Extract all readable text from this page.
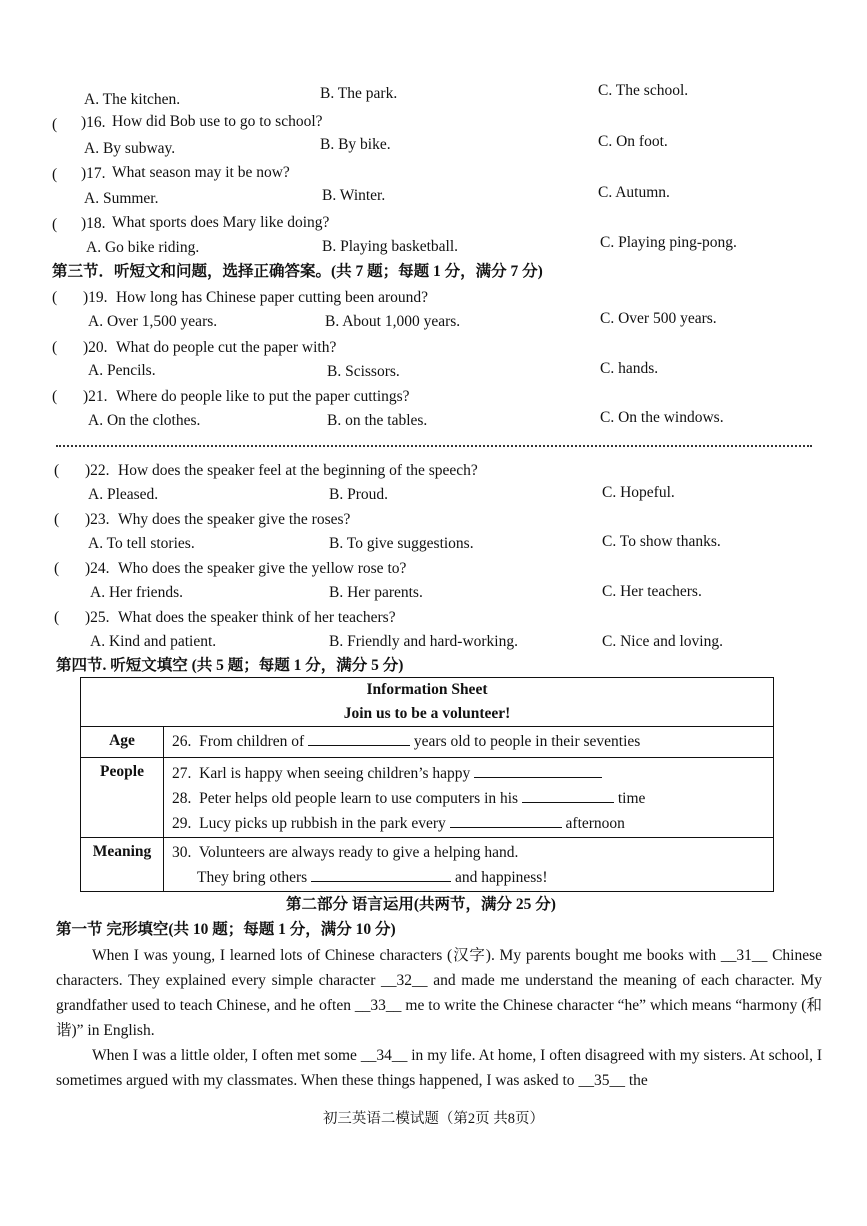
A. The kitchen.	B. The park.	C. The school.
( )16. How did Bob use to go to school?
A. By subway.	B. By bike.	C. On foot.
( )17. What season may it be now?
A. Summer.	B. Winter.	C. Autumn.
( )18. What sports does Mary like doing?
A. Go bike riding.	B. Playing basketball.	C. Playing ping-pong.
第三节．听短文和问题，选择正确答案。(共 7 题；每题 1 分，满分 7 分)
( )19. How long has Chinese paper cutting been around?
A. Over 1,500 years.	B. About 1,000 years.	C. Over 500 years.
( )20. What do people cut the paper with?
A. Pencils.	B. Scissors.	C. hands.
( )21. Where do people like to put the paper cuttings?
A. On the clothes.	B. on the tables.	C. On the windows.
( )22. How does the speaker feel at the beginning of the speech?
A. Pleased.	B. Proud.	C. Hopeful.
( )23. Why does the speaker give the roses?
A. To tell stories.	B. To give suggestions.	C. To show thanks.
( )24. Who does the speaker give the yellow rose to?
A. Her friends.	B. Her parents.	C. Her teachers.
( )25. What does the speaker think of her teachers?
A. Kind and patient.	B. Friendly and hard-working.	C. Nice and loving.
第四节. 听短文填空 (共 5 题；每题 1 分，满分 5 分)
Information Sheet
Join us to be a volunteer!	

Age	26. From children of years old to people in their seventies

People	27. Karl is happy when seeing children’s happy
28. Peter helps old people learn to use computers in his time
29. Lucy picks up rubbish in the park every afternoon

Meaning	30. Volunteers are always ready to give a helping hand.
They bring others and happiness!
第二部分 语言运用(共两节，满分 25 分)
第一节 完形填空(共 10 题；每题 1 分，满分 10 分)

When I was young, I learned lots of Chinese characters (汉字). My parents bought me books with __31__ Chinese characters. They explained every simple character __32__ and made me understand the meaning of each character. My grandfather used to teach Chinese, and he often __33__ me to write the Chinese character “he” which means “harmony (和谐)” in English.

When I was a little older, I often met some __34__ in my life. At home, I often disagreed with my sisters. At school, I sometimes argued with my classmates. When these things happened, I was asked to __35__ the

初三英语二模试题（第2页 共8页）
